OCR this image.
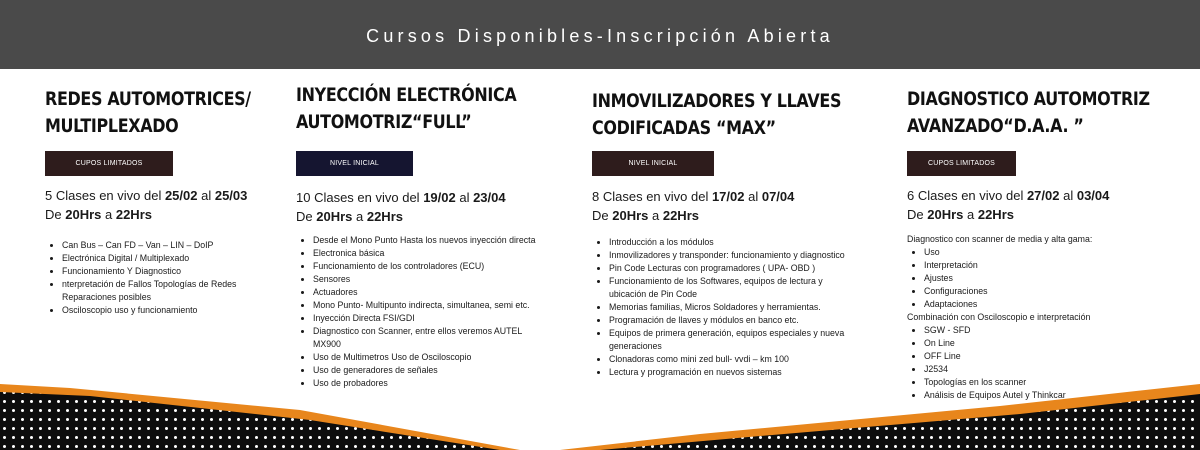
Cursos Disponibles-Inscripción Abierta
REDES AUTOMOTRICES/
MULTIPLEXADO
CUPOS LIMITADOS
5 Clases en vivo del 25/02 al 25/03
De 20Hrs a 22Hrs
• Can Bus – Can FD – Van – LIN – DoIP
• Electrónica Digital / Multiplexado
• Funcionamiento Y Diagnostico
• nterpretación de Fallos Topologías de Redes Reparaciones posibles
• Osciloscopio uso y funcionamiento
INYECCIÓN ELECTRÓNICA
AUTOMOTRIZ“FULL”
NIVEL INICIAL
10 Clases en vivo del 19/02 al 23/04
De 20Hrs a 22Hrs
• Desde el Mono Punto Hasta los nuevos inyección directa
• Electronica básica
• Funcionamiento de los controladores (ECU)
• Sensores
• Actuadores
• Mono Punto- Multipunto indirecta, simultanea, semi etc.
• Inyección Directa FSI/GDI
• Diagnostico con Scanner, entre ellos veremos AUTEL MX900
• Uso de Multimetros Uso de Osciloscopio
• Uso de generadores de señales
• Uso de probadores
INMOVILIZADORES Y LLAVES
CODIFICADAS “MAX”
NIVEL INICIAL
8 Clases en vivo del 17/02 al 07/04
De 20Hrs a 22Hrs
• Introducción a los módulos
• Inmovilizadores y transponder: funcionamiento y diagnostico
• Pin Code Lecturas con programadores ( UPA- OBD )
• Funcionamiento de los Softwares, equipos de lectura y ubicación de Pin Code
• Memorias familias, Micros Soldadores y herramientas.
• Programación de llaves y módulos en banco etc.
• Equipos de primera generación, equipos especiales y nueva generaciones
• Clonadoras como mini zed bull- vvdi – km 100
• Lectura y programación en nuevos sistemas
DIAGNOSTICO AUTOMOTRIZ
AVANZADO“D.A.A. ”
CUPOS LIMITADOS
6 Clases en vivo del 27/02 al 03/04
De 20Hrs a 22Hrs

Diagnostico con scanner de media y alta gama:

• Uso
• Interpretación
• Ajustes
• Configuraciones
• Adaptaciones

Combinación con Osciloscopio e interpretación

• SGW - SFD
• On Line
• OFF Line
• J2534
• Topologías en los scanner
• Análisis de Equipos Autel y Thinkcar
